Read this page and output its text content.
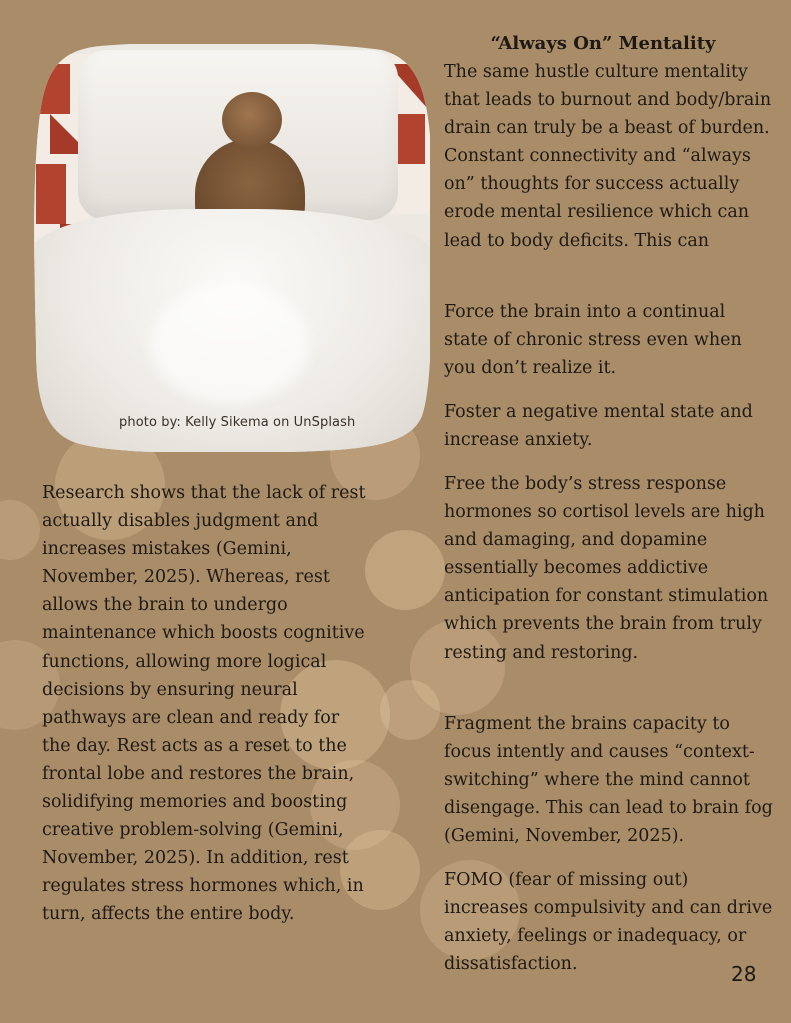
photo by: Kelly Sikema on UnSplash
“Always On” Mentality

The same hustle culture mentality that leads to burnout and body/brain drain can truly be a beast of burden. Constant connectivity and “always on” thoughts for success actually erode mental resilience which can lead to body deficits. This can

Force the brain into a continual state of chronic stress even when you don’t realize it.

Foster a negative mental state and increase anxiety.

Free the body’s stress response hormones so cortisol levels are high and damaging, and dopamine essentially becomes addictive anticipation for constant stimulation which prevents the brain from truly resting and restoring.

Fragment the brains capacity to focus intently and causes “context-switching” where the mind cannot disengage. This can lead to brain fog (Gemini, November, 2025).

FOMO (fear of missing out) increases compulsivity and can drive anxiety, feelings or inadequacy, or dissatisfaction.

Research shows that the lack of rest actually disables judgment and increases mistakes (Gemini, November, 2025). Whereas, rest allows the brain to undergo maintenance which boosts cognitive functions, allowing more logical decisions by ensuring neural pathways are clean and ready for the day. Rest acts as a reset to the frontal lobe and restores the brain, solidifying memories and boosting creative problem-solving (Gemini, November, 2025). In addition, rest regulates stress hormones which, in turn, affects the entire body.

28
